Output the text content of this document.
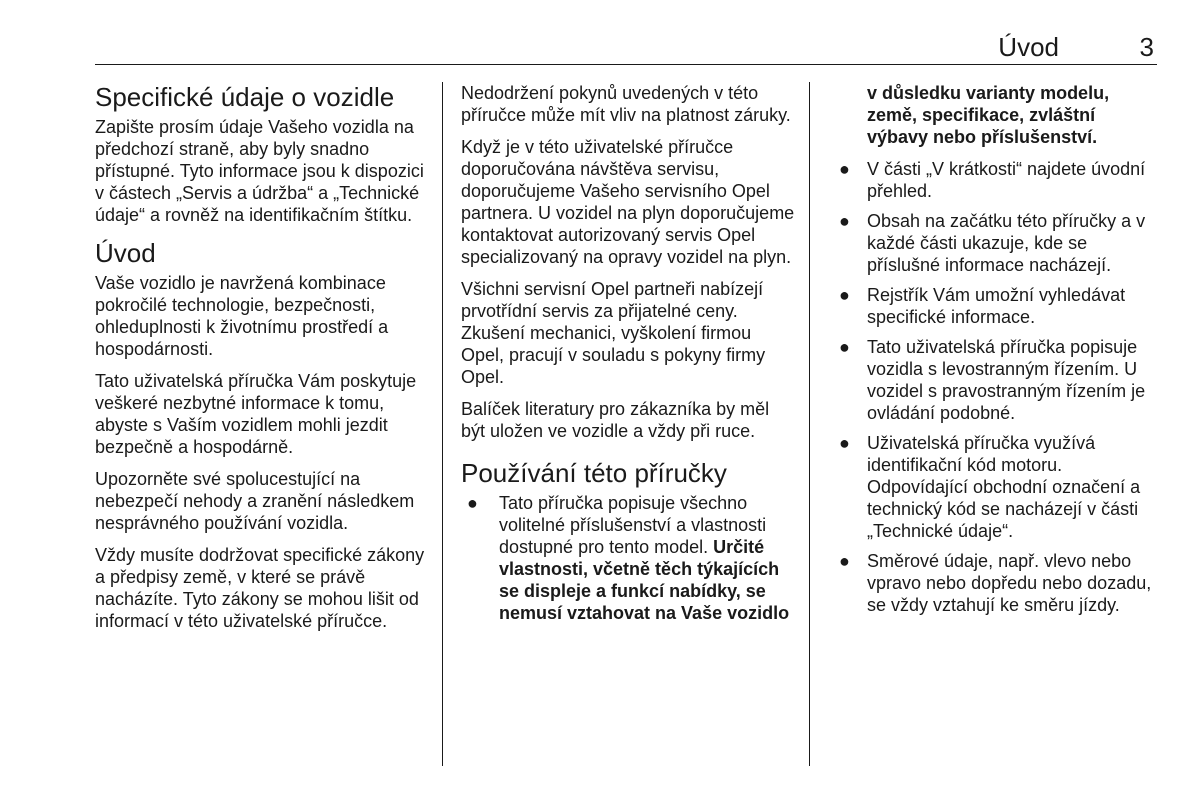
Úvod	3
Specifické údaje o vozidle

Zapište prosím údaje Vašeho vozidla na předchozí straně, aby byly snadno přístupné. Tyto informace jsou k dispozici v částech „Servis a údržba“ a „Technické údaje“ a rovněž na identifikačním štítku.

Úvod

Vaše vozidlo je navržená kombinace pokročilé technologie, bezpečnosti, ohleduplnosti k životnímu prostředí a hospodárnosti.

Tato uživatelská příručka Vám poskytuje veškeré nezbytné informace k tomu, abyste s Vaším vozidlem mohli jezdit bezpečně a hospodárně.

Upozorněte své spolucestující na nebezpečí nehody a zranění následkem nesprávného používání vozidla.

Vždy musíte dodržovat specifické zákony a předpisy země, v které se právě nacházíte. Tyto zákony se mohou lišit od informací v této uživatelské příručce.

Nedodržení pokynů uvedených v této příručce může mít vliv na platnost záruky.

Když je v této uživatelské příručce doporučována návštěva servisu, doporučujeme Vašeho servisního Opel partnera. U vozidel na plyn doporučujeme kontaktovat autorizovaný servis Opel specializovaný na opravy vozidel na plyn.

Všichni servisní Opel partneři nabízejí prvotřídní servis za přijatelné ceny. Zkušení mechanici, vyškolení firmou Opel, pracují v souladu s pokyny firmy Opel.

Balíček literatury pro zákazníka by měl být uložen ve vozidle a vždy při ruce.

Používání této příručky
● Tato příručka popisuje všechno volitelné příslušenství a vlastnosti dostupné pro tento model. Určité vlastnosti, včetně těch týkajících se displeje a funkcí nabídky, se nemusí vztahovat na Vaše vozidlo

v důsledku varianty modelu, země, specifikace, zvláštní výbavy nebo příslušenství.

● V části „V krátkosti“ najdete úvodní přehled.
● Obsah na začátku této příručky a v každé části ukazuje, kde se příslušné informace nacházejí.
● Rejstřík Vám umožní vyhledávat specifické informace.
● Tato uživatelská příručka popisuje vozidla s levostranným řízením. U vozidel s pravostranným řízením je ovládání podobné.
● Uživatelská příručka využívá identifikační kód motoru. Odpovídající obchodní označení a technický kód se nacházejí v části „Technické údaje“.
● Směrové údaje, např. vlevo nebo vpravo nebo dopředu nebo dozadu, se vždy vztahují ke směru jízdy.
